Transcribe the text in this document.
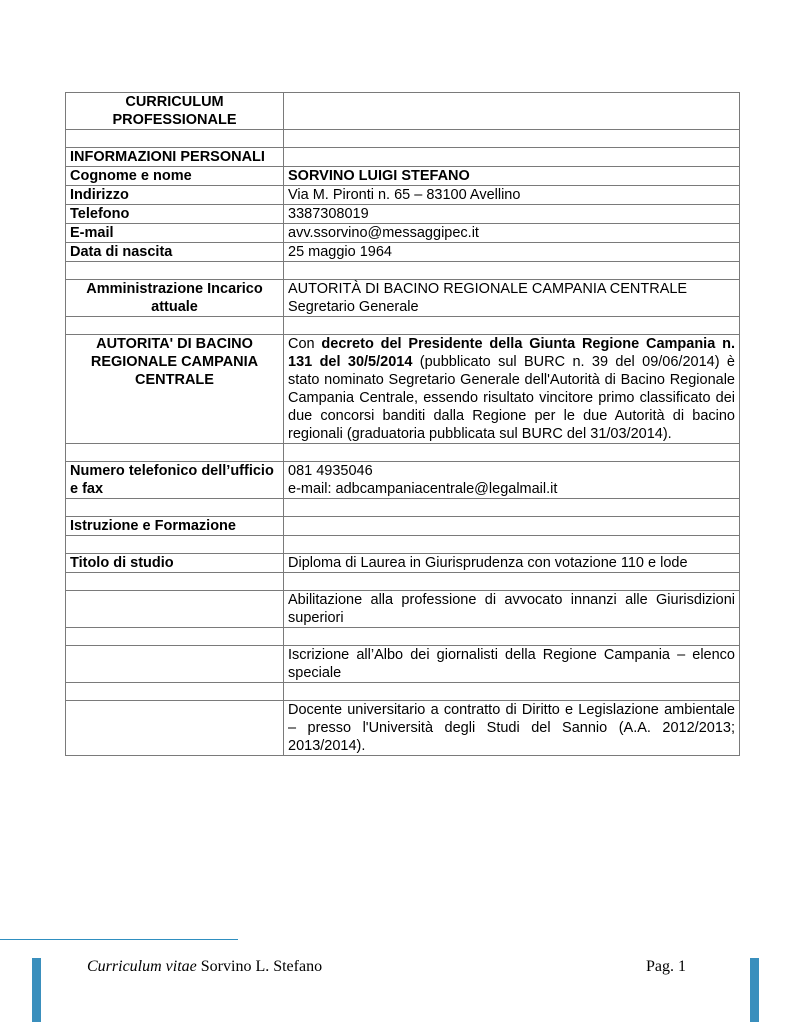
CURRICULUM PROFESSIONALE	

INFORMAZIONI PERSONALI	
Cognome e nome	SORVINO LUIGI STEFANO
Indirizzo	Via M. Pironti n. 65 – 83100 Avellino
Telefono	3387308019
E-mail	avv.ssorvino@messaggipec.it
Data di nascita	25 maggio 1964

Amministrazione Incarico attuale	AUTORITÀ DI BACINO REGIONALE CAMPANIA CENTRALE
Segretario Generale

AUTORITA' DI BACINO REGIONALE CAMPANIA CENTRALE	Con decreto del Presidente della Giunta Regione Campania n. 131 del 30/5/2014 (pubblicato sul BURC n. 39 del 09/06/2014) è stato nominato Segretario Generale dell'Autorità di Bacino Regionale Campania Centrale, essendo risultato vincitore primo classificato dei due concorsi banditi dalla Regione per le due Autorità di bacino regionali (graduatoria pubblicata sul BURC del 31/03/2014).

Numero telefonico dell’ufficio e fax	081 4935046
e-mail: adbcampaniacentrale@legalmail.it

Istruzione e Formazione	

Titolo di studio	Diploma di Laurea in Giurisprudenza con votazione 110 e lode

	Abilitazione alla professione di avvocato innanzi alle Giurisdizioni superiori

	Iscrizione all’Albo dei giornalisti della Regione Campania – elenco speciale

	Docente universitario a contratto di Diritto e Legislazione ambientale – presso l'Università degli Studi del Sannio (A.A. 2012/2013; 2013/2014).
Curriculum vitae Sorvino L. Stefano	Pag. 1
